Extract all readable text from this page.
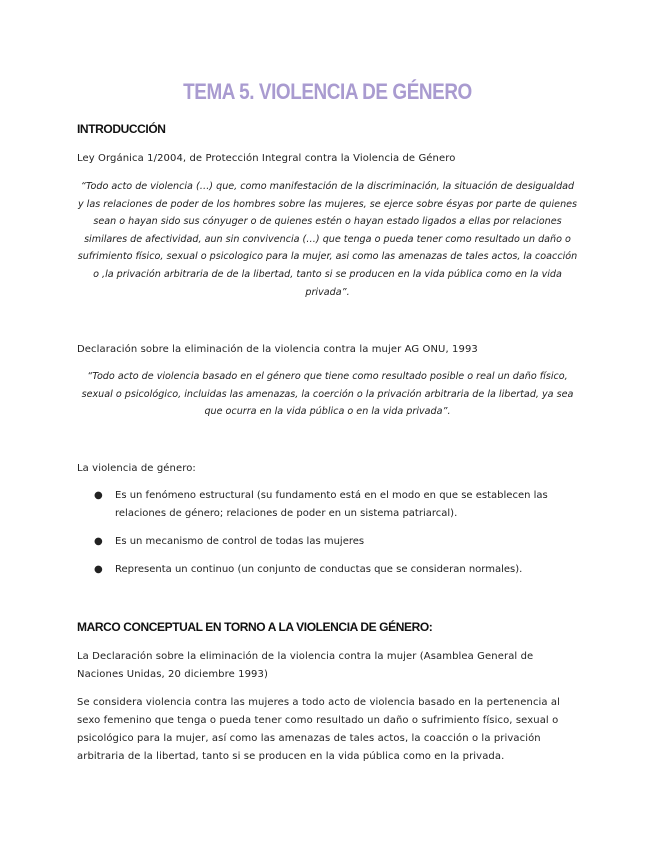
TEMA 5. VIOLENCIA DE GÉNERO
INTRODUCCIÓN
Ley Orgánica 1/2004, de Protección Integral contra la Violencia de Género
“Todo acto de violencia (…) que, como manifestación de la discriminación, la situación de desigualdad y las relaciones de poder de los hombres sobre las mujeres, se ejerce sobre ésyas por parte de quienes sean o hayan sido sus cónyuger o de quienes estén o hayan estado ligados a ellas por relaciones similares de afectividad, aun sin convivencia (…) que tenga o pueda tener como resultado un daño o sufrimiento físico, sexual o psicologico para la mujer, asi como las amenazas de tales actos, la coacción o ,la privación arbitraria de de la libertad, tanto si se producen en la vida pública como en la vida privada”.
Declaración sobre la eliminación de la violencia contra la mujer AG ONU, 1993
“Todo acto de violencia basado en el género que tiene como resultado posible o real un daño físico, sexual o psicológico, incluidas las amenazas, la coerción o la privación arbitraria de la libertad, ya sea que ocurra en la vida pública o en la vida privada”.
La violencia de género:
● Es un fenómeno estructural (su fundamento está en el modo en que se establecen las relaciones de género; relaciones de poder en un sistema patriarcal).
● Es un mecanismo de control de todas las mujeres
● Representa un continuo (un conjunto de conductas que se consideran normales).
MARCO CONCEPTUAL EN TORNO A LA VIOLENCIA DE GÉNERO:
La Declaración sobre la eliminación de la violencia contra la mujer (Asamblea General de Naciones Unidas, 20 diciembre 1993)
Se considera violencia contra las mujeres a todo acto de violencia basado en la pertenencia al sexo femenino que tenga o pueda tener como resultado un daño o sufrimiento físico, sexual o psicológico para la mujer, así como las amenazas de tales actos, la coacción o la privación arbitraria de la libertad, tanto si se producen en la vida pública como en la privada.
